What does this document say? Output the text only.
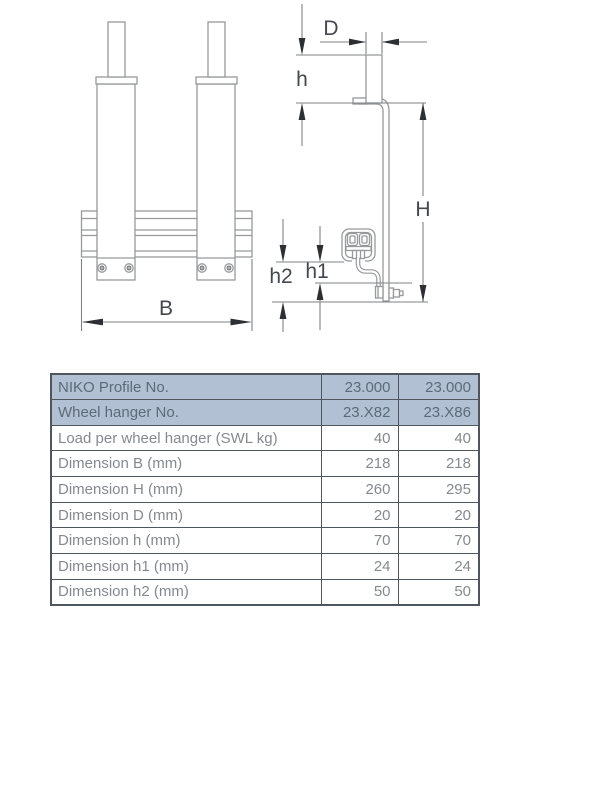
B
D
h
H
h2 h1
NIKO Profile No.	23.000	23.000
Wheel hanger No.	23.X82	23.X86
Load per wheel hanger (SWL kg)	40	40
Dimension B (mm)	218	218
Dimension H (mm)	260	295
Dimension D (mm)	20	20
Dimension h (mm)	70	70
Dimension h1 (mm)	24	24
Dimension h2 (mm)	50	50
